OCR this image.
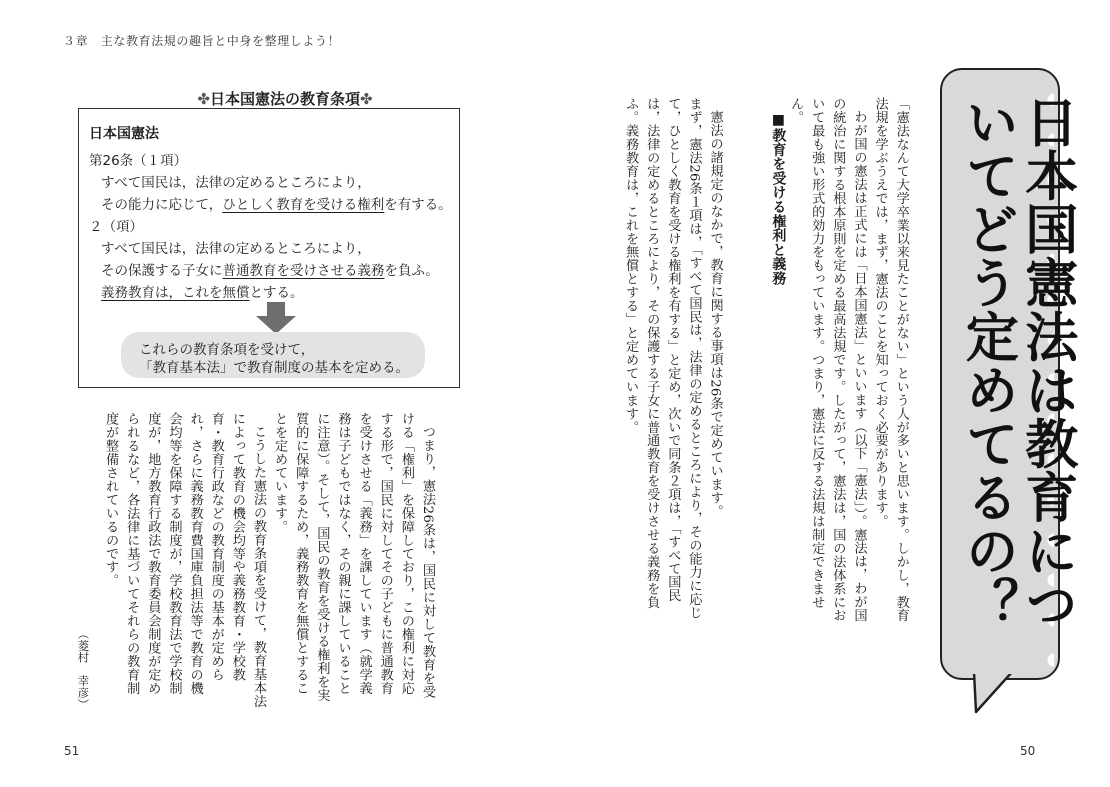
３章　主な教育法規の趣旨と中身を整理しよう！
✤日本国憲法の教育条項✤
日本国憲法
第26条（１項）
すべて国民は，法律の定めるところにより，
その能力に応じて，ひとしく教育を受ける権利を有する。
２（項）
すべて国民は，法律の定めるところにより，
その保護する子女に普通教育を受けさせる義務を負ふ。
義務教育は，これを無償とする。
これらの教育条項を受けて，
「教育基本法」で教育制度の基本を定める。	日本国憲法は教育についてどう定めてるの？

「憲法なんて大学卒業以来見たことがない」という人が多いと思います。しかし，教育法規を学ぶうえでは，まず，憲法のことを知っておく必要があります。

わが国の憲法は正式には「日本国憲法」といいます（以下「憲法」）。憲法は，わが国の統治に関する根本原則を定める最高法規です。したがって，憲法は，国の法体系において最も強い形式的効力をもっています。つまり，憲法に反する法規は制定できません。

■教育を受ける権利と義務

憲法の諸規定のなかで，教育に関する事項は26条で定めています。

まず，憲法26条１項は，「すべて国民は，法律の定めるところにより，その能力に応じて，ひとしく教育を受ける権利を有する」と定め，次いで同条２項は，「すべて国民は，法律の定めるところにより，その保護する子女に普通教育を受けさせる義務を負ふ。義務教育は，これを無償とする」と定めています。

つまり，憲法26条は，国民に対して教育を受ける「権利」を保障しており，この権利に対応する形で，国民に対してその子どもに普通教育を受けさせる「義務」を課しています（就学義務は子どもではなく，その親に課していることに注意）。そして，国民の教育を受ける権利を実質的に保障するため，義務教育を無償とすることを定めています。

こうした憲法の教育条項を受けて，教育基本法によって教育の機会均等や義務教育・学校教育・教育行政などの教育制度の基本が定められ，さらに義務教育費国庫負担法等で教育の機会均等を保障する制度が，学校教育法で学校制度が，地方教育行政法で教育委員会制度が定められるなど，各法律に基づいてそれらの教育制度が整備されているのです。

（菱村　幸彦）
51	50
